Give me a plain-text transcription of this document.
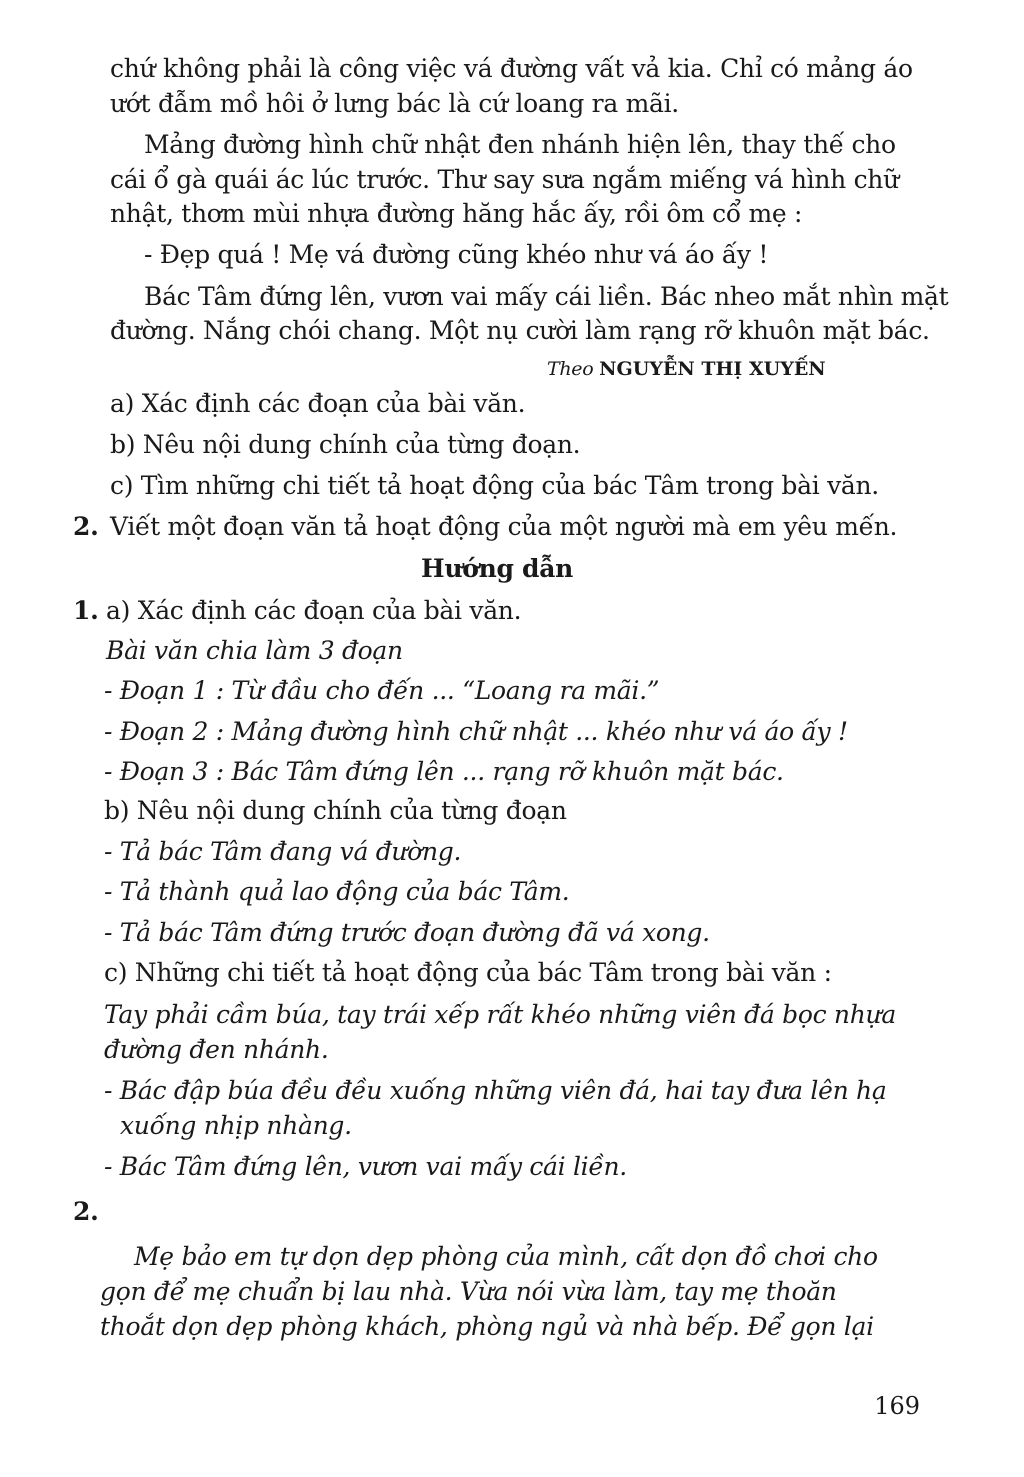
chứ không phải là công việc vá đường vất vả kia. Chỉ có mảng áo
ướt đẫm mồ hôi ở lưng bác là cứ loang ra mãi.
Mảng đường hình chữ nhật đen nhánh hiện lên, thay thế cho
cái ổ gà quái ác lúc trước. Thư say sưa ngắm miếng vá hình chữ
nhật, thơm mùi nhựa đường hăng hắc ấy, rồi ôm cổ mẹ :
- Đẹp quá ! Mẹ vá đường cũng khéo như vá áo ấy !
Bác Tâm đứng lên, vươn vai mấy cái liền. Bác nheo mắt nhìn mặt
đường. Nắng chói chang. Một nụ cười làm rạng rỡ khuôn mặt bác.
Theo NGUYỄN THỊ XUYẾN
a) Xác định các đoạn của bài văn.
b) Nêu nội dung chính của từng đoạn.
c) Tìm những chi tiết tả hoạt động của bác Tâm trong bài văn.
2. Viết một đoạn văn tả hoạt động của một người mà em yêu mến.
Hướng dẫn
1. a) Xác định các đoạn của bài văn.
Bài văn chia làm 3 đoạn
- Đoạn 1 : Từ đầu cho đến ... “Loang ra mãi.”
- Đoạn 2 : Mảng đường hình chữ nhật ... khéo như vá áo ấy !
- Đoạn 3 : Bác Tâm đứng lên ... rạng rỡ khuôn mặt bác.
b) Nêu nội dung chính của từng đoạn
- Tả bác Tâm đang vá đường.
- Tả thành quả lao động của bác Tâm.
- Tả bác Tâm đứng trước đoạn đường đã vá xong.
c) Những chi tiết tả hoạt động của bác Tâm trong bài văn :
Tay phải cầm búa, tay trái xếp rất khéo những viên đá bọc nhựa
đường đen nhánh.
- Bác đập búa đều đều xuống những viên đá, hai tay đưa lên hạ
xuống nhịp nhàng.
- Bác Tâm đứng lên, vươn vai mấy cái liền.
2.
Mẹ bảo em tự dọn dẹp phòng của mình, cất dọn đồ chơi cho
gọn để mẹ chuẩn bị lau nhà. Vừa nói vừa làm, tay mẹ thoăn
thoắt dọn dẹp phòng khách, phòng ngủ và nhà bếp. Để gọn lại
169
